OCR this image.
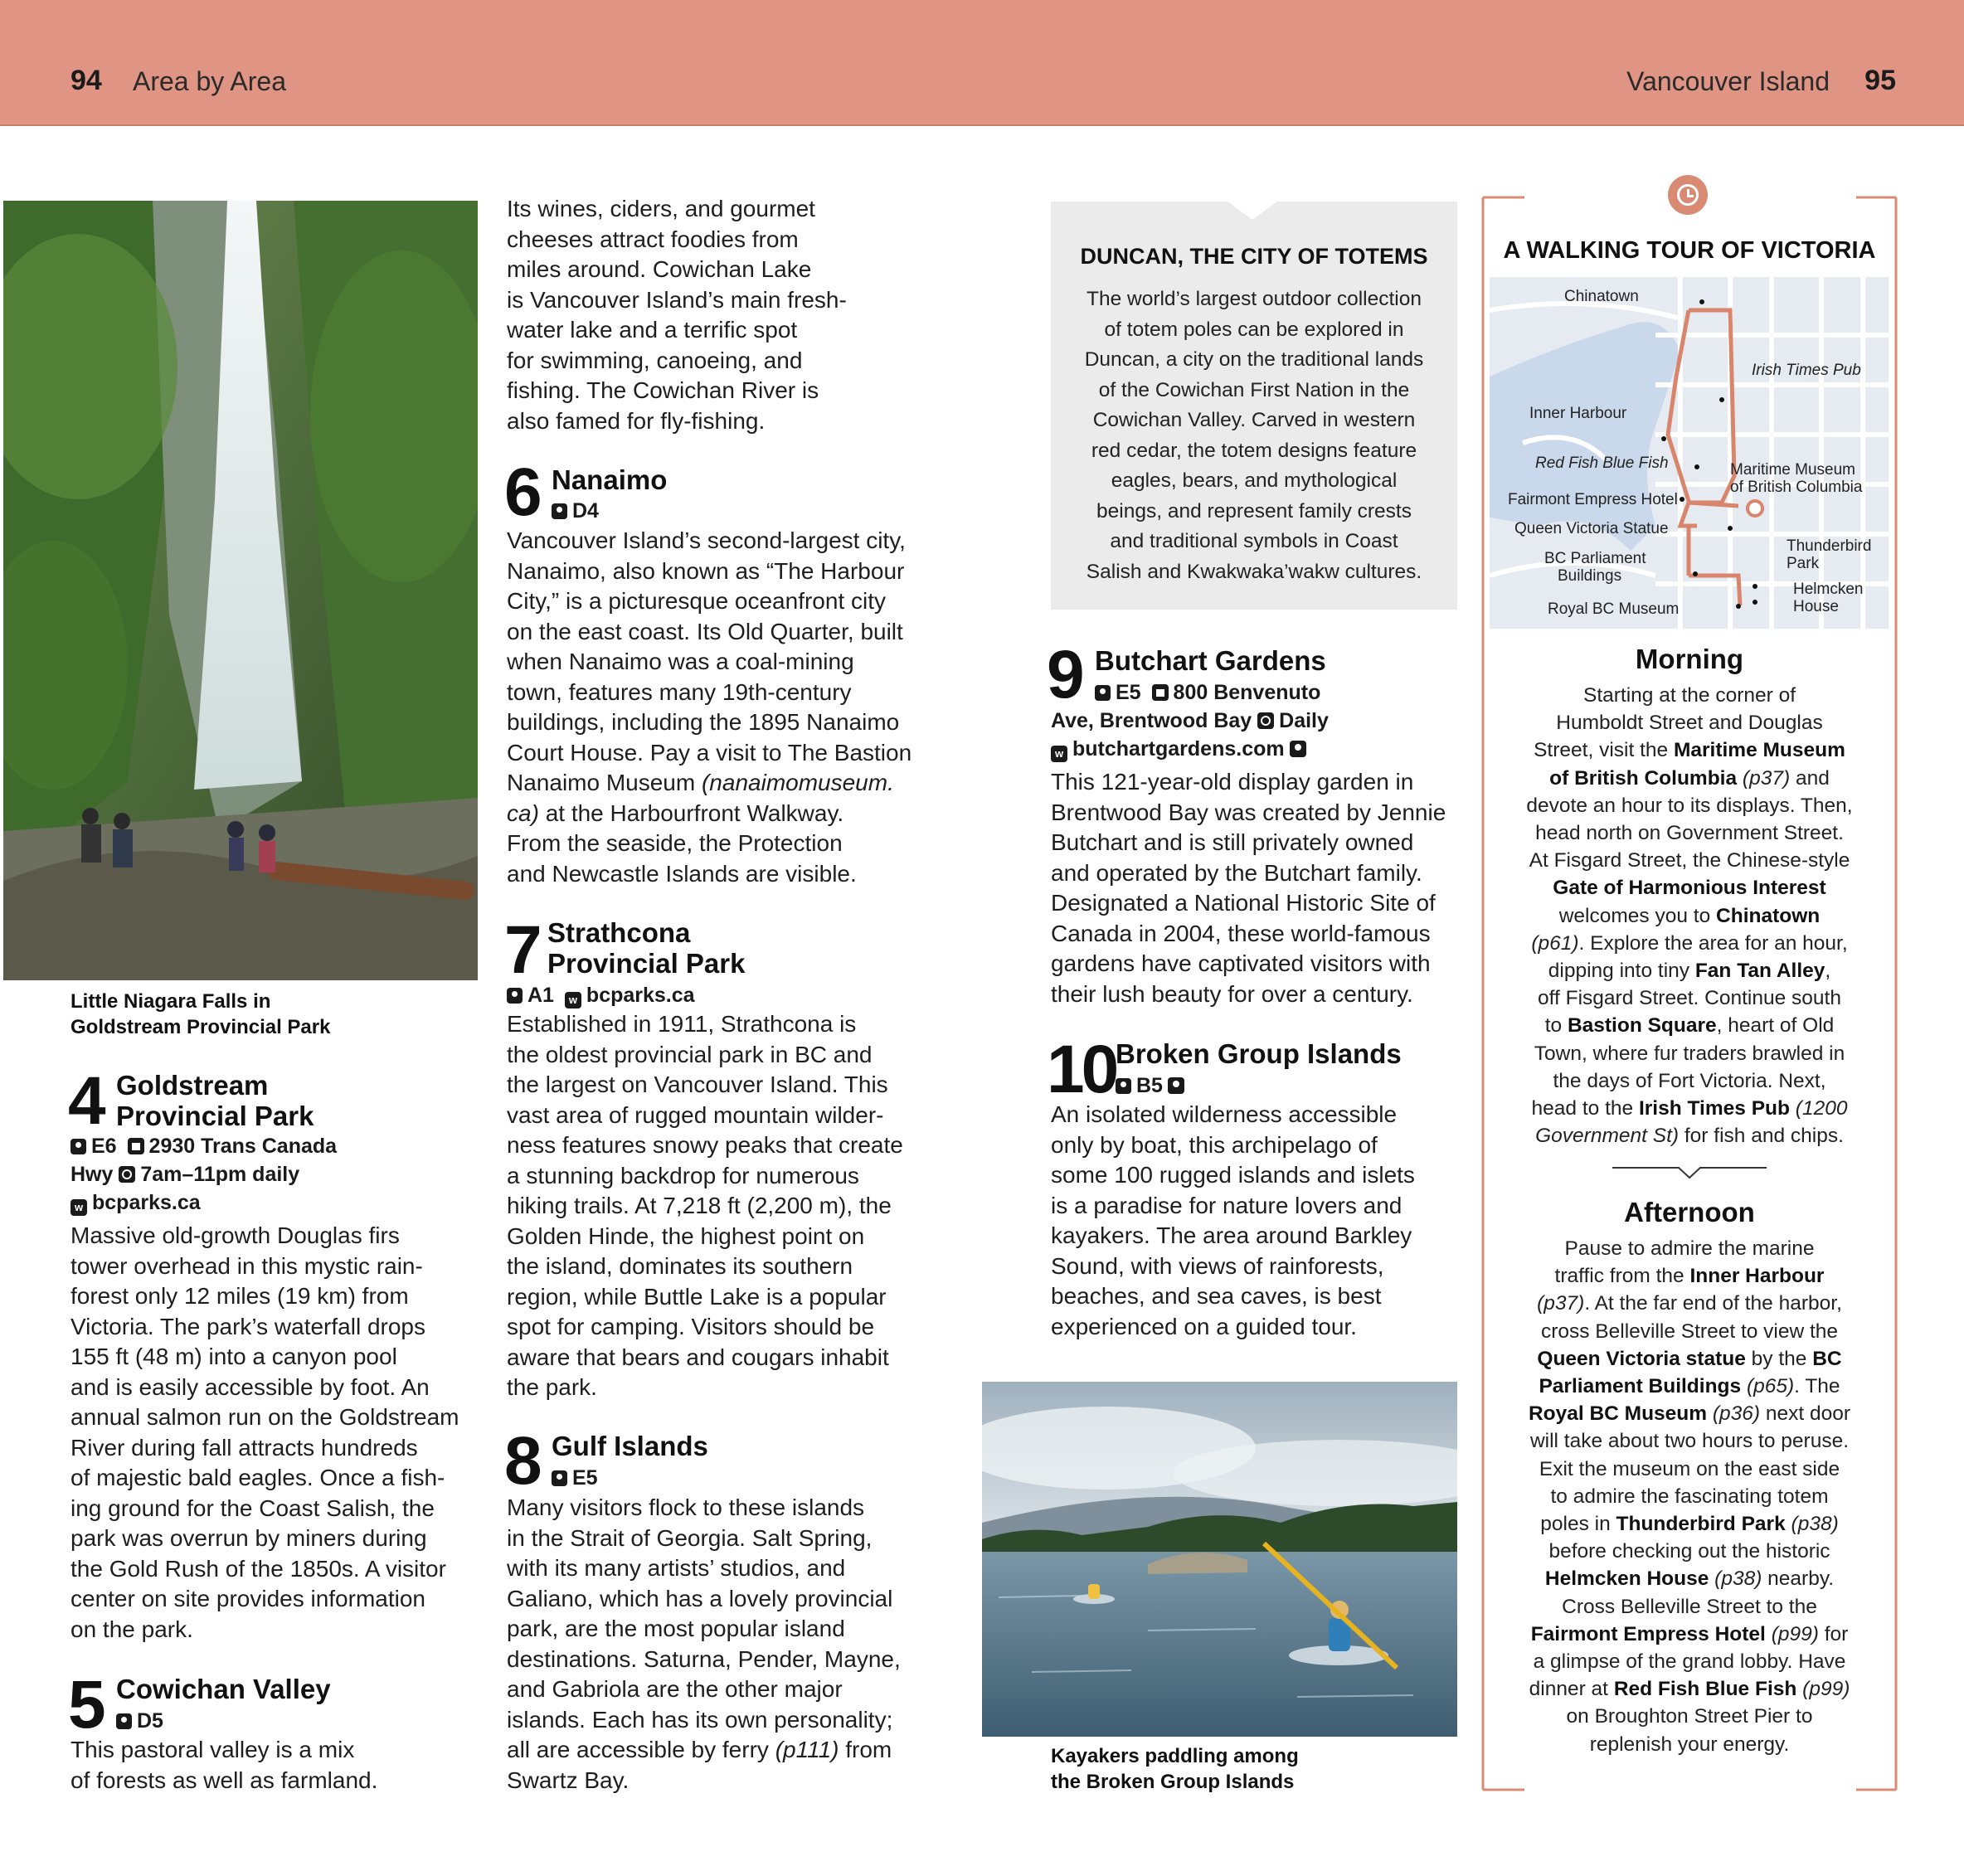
94 Area by Area	Vancouver Island 95
Little Niagara Falls in
Goldstream Provincial Park
4 Goldstream
Provincial Park
E6 2930 Trans Canada
Hwy 7am–11pm daily
w bcparks.ca
Massive old-growth Douglas firs
tower overhead in this mystic rain-
forest only 12 miles (19 km) from
Victoria. The park’s waterfall drops
155 ft (48 m) into a canyon pool
and is easily accessible by foot. An
annual salmon run on the Goldstream
River during fall attracts hundreds
of majestic bald eagles. Once a fish-
ing ground for the Coast Salish, the
park was overrun by miners during
the Gold Rush of the 1850s. A visitor
center on site provides information
on the park.
5 Cowichan Valley
D5
This pastoral valley is a mix
of forests as well as farmland.
Its wines, ciders, and gourmet
cheeses attract foodies from
miles around. Cowichan Lake
is Vancouver Island’s main fresh-
water lake and a terrific spot
for swimming, canoeing, and
fishing. The Cowichan River is
also famed for fly-fishing.
6 Nanaimo
D4
Vancouver Island’s second-largest city,
Nanaimo, also known as “The Harbour
City,” is a picturesque oceanfront city
on the east coast. Its Old Quarter, built
when Nanaimo was a coal-mining
town, features many 19th-century
buildings, including the 1895 Nanaimo
Court House. Pay a visit to The Bastion
Nanaimo Museum (nanaimomuseum.
ca) at the Harbourfront Walkway.
From the seaside, the Protection
and Newcastle Islands are visible.
7 Strathcona
Provincial Park
A1 w bcparks.ca
Established in 1911, Strathcona is
the oldest provincial park in BC and
the largest on Vancouver Island. This
vast area of rugged mountain wilder-
ness features snowy peaks that create
a stunning backdrop for numerous
hiking trails. At 7,218 ft (2,200 m), the
Golden Hinde, the highest point on
the island, dominates its southern
region, while Buttle Lake is a popular
spot for camping. Visitors should be
aware that bears and cougars inhabit
the park.
8 Gulf Islands
E5
Many visitors flock to these islands
in the Strait of Georgia. Salt Spring,
with its many artists’ studios, and
Galiano, which has a lovely provincial
park, are the most popular island
destinations. Saturna, Pender, Mayne,
and Gabriola are the other major
islands. Each has its own personality;
all are accessible by ferry (p111) from
Swartz Bay.
DUNCAN, THE CITY OF TOTEMS
The world’s largest outdoor collection
of totem poles can be explored in
Duncan, a city on the traditional lands
of the Cowichan First Nation in the
Cowichan Valley. Carved in western
red cedar, the totem designs feature
eagles, bears, and mythological
beings, and represent family crests
and traditional symbols in Coast
Salish and Kwakwaka’wakw cultures.
9 Butchart Gardens
E5 800 Benvenuto
Ave, Brentwood Bay Daily
w butchartgardens.com
This 121-year-old display garden in
Brentwood Bay was created by Jennie
Butchart and is still privately owned
and operated by the Butchart family.
Designated a National Historic Site of
Canada in 2004, these world-famous
gardens have captivated visitors with
their lush beauty for over a century.
10 Broken Group Islands
B5
An isolated wilderness accessible
only by boat, this archipelago of
some 100 rugged islands and islets
is a paradise for nature lovers and
kayakers. The area around Barkley
Sound, with views of rainforests,
beaches, and sea caves, is best
experienced on a guided tour.
Kayakers paddling among
the Broken Group Islands
A WALKING TOUR OF VICTORIA
Chinatown
Irish Times Pub
Inner Harbour
Red Fish Blue Fish	Maritime Museum
of British Columbia
Fairmont Empress Hotel
Queen Victoria Statue
Thunderbird
Park
BC Parliament
Buildings
Helmcken
House
Royal BC Museum
Morning
Starting at the corner of
Humboldt Street and Douglas
Street, visit the Maritime Museum
of British Columbia (p37) and
devote an hour to its displays. Then,
head north on Government Street.
At Fisgard Street, the Chinese-style
Gate of Harmonious Interest
welcomes you to Chinatown
(p61). Explore the area for an hour,
dipping into tiny Fan Tan Alley,
off Fisgard Street. Continue south
to Bastion Square, heart of Old
Town, where fur traders brawled in
the days of Fort Victoria. Next,
head to the Irish Times Pub (1200
Government St) for fish and chips.
Afternoon
Pause to admire the marine
traffic from the Inner Harbour
(p37). At the far end of the harbor,
cross Belleville Street to view the
Queen Victoria statue by the BC
Parliament Buildings (p65). The
Royal BC Museum (p36) next door
will take about two hours to peruse.
Exit the museum on the east side
to admire the fascinating totem
poles in Thunderbird Park (p38)
before checking out the historic
Helmcken House (p38) nearby.
Cross Belleville Street to the
Fairmont Empress Hotel (p99) for
a glimpse of the grand lobby. Have
dinner at Red Fish Blue Fish (p99)
on Broughton Street Pier to
replenish your energy.
